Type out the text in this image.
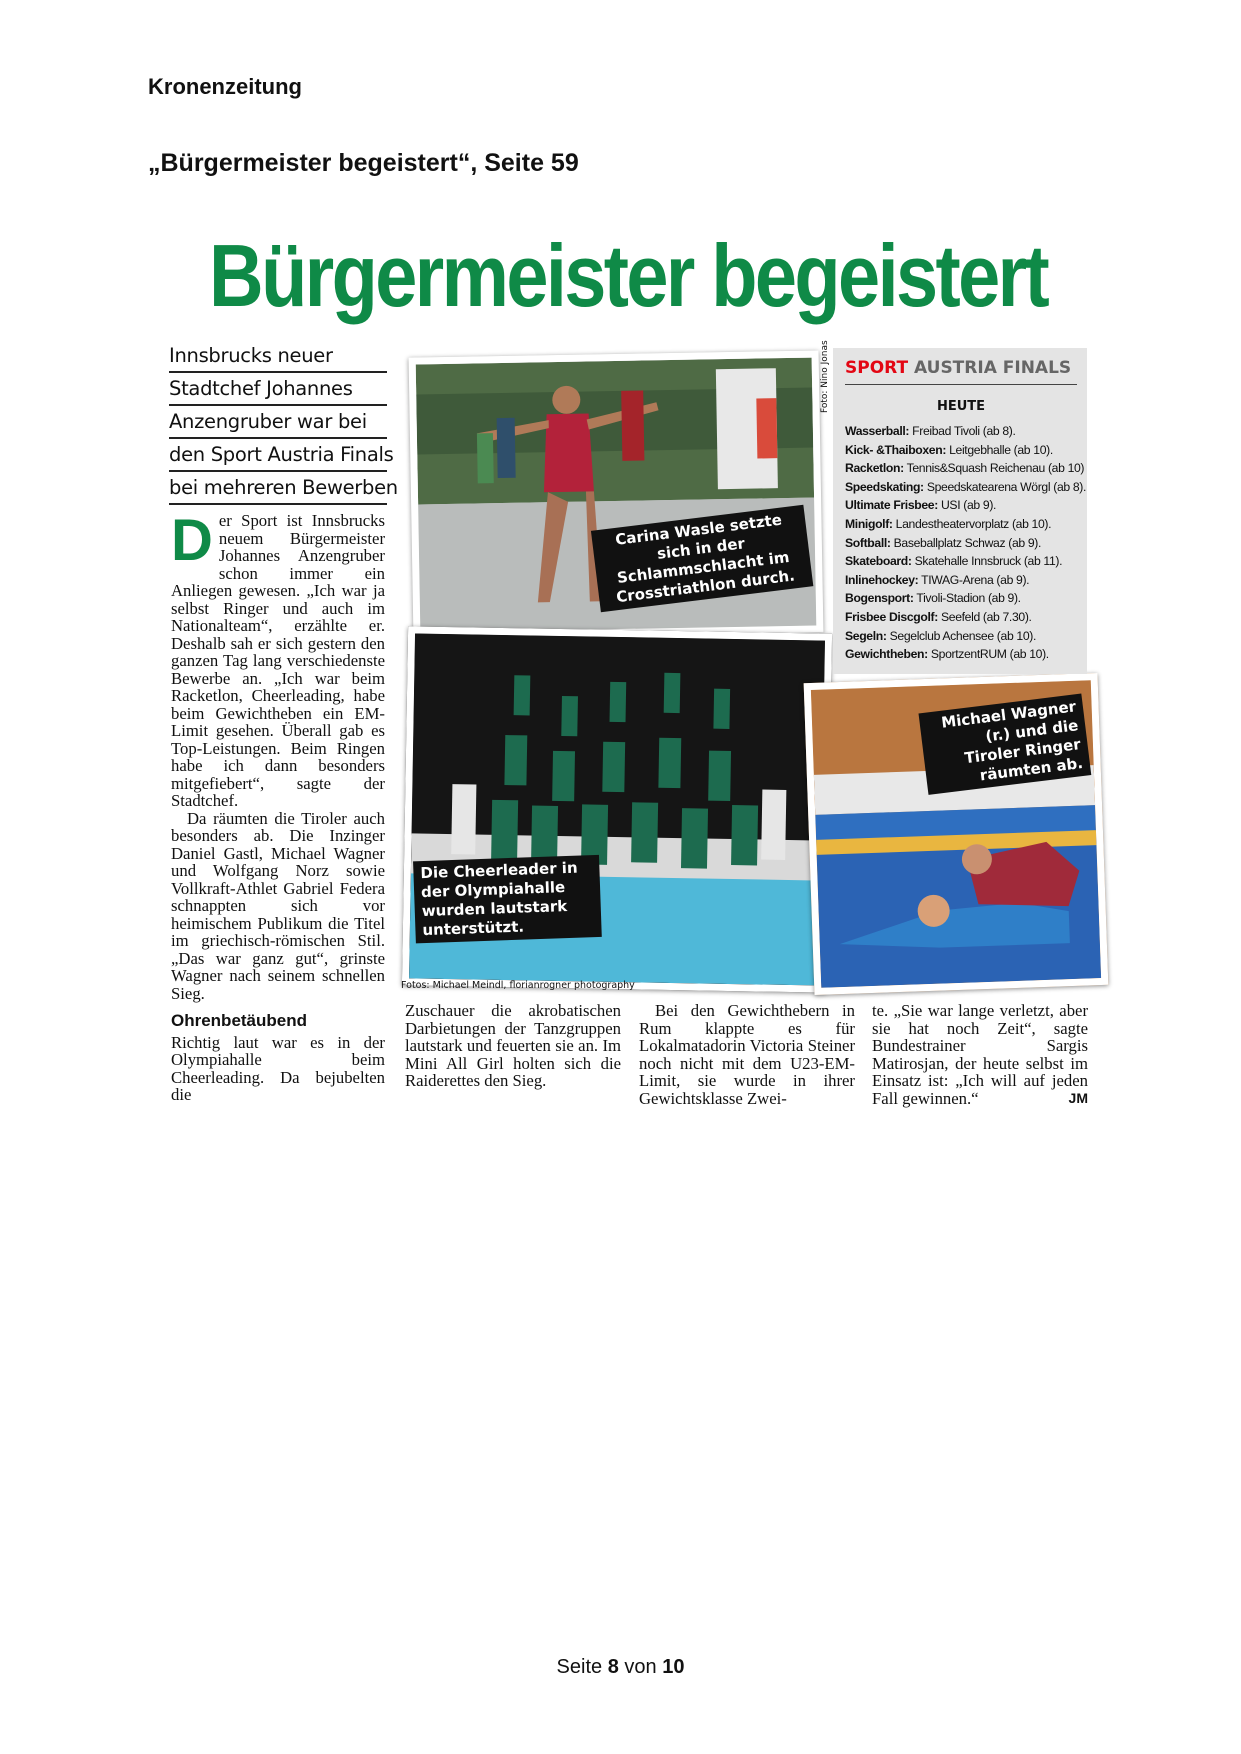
Kronenzeitung
„Bürgermeister begeistert“, Seite 59
Bürgermeister begeistert
Innsbrucks neuer
Stadtchef Johannes
Anzengruber war bei
den Sport Austria Finals
bei mehreren Bewerben

Der Sport ist Innsbrucks neuem Bürgermeister Johannes Anzengruber schon immer ein Anliegen gewesen. „Ich war ja selbst Ringer und auch im Nationalteam“, erzählte er. Deshalb sah er sich gestern den ganzen Tag lang verschiedenste Bewerbe an. „Ich war beim Racketlon, Cheerleading, habe beim Gewichtheben ein EM-Limit gesehen. Überall gab es Top-Leistungen. Beim Ringen habe ich dann besonders mitgefiebert“, sagte der Stadtchef.

Da räumten die Tiroler auch besonders ab. Die Inzinger Daniel Gastl, Michael Wagner und Wolfgang Norz sowie Vollkraft-Athlet Gabriel Federa schnappten sich vor heimischem Publikum die Titel im griechisch-römischen Stil. „Das war ganz gut“, grinste Wagner nach seinem schnellen Sieg.

Ohrenbetäubend

Richtig laut war es in der Olympiahalle beim Cheerleading. Da bejubelten die

Carina Wasle setzte sich in der Schlammschlacht im Crosstriathlon durch.
Foto: Nino Jonas
Die Cheerleader in der Olympiahalle wurden lautstark unterstützt.
Michael Wagner (r.) und die Tiroler Ringer räumten ab.
Fotos: Michael Meindl, florianrogner photography
SPORT AUSTRIA FINALS
HEUTE
Wasserball: Freibad Tivoli (ab 8).
Kick- &Thaiboxen: Leitgebhalle (ab 10).
Racketlon: Tennis&Squash Reichenau (ab 10)
Speedskating: Speedskatearena Wörgl (ab 8).
Ultimate Frisbee: USI (ab 9).
Minigolf: Landestheatervorplatz (ab 10).
Softball: Baseballplatz Schwaz (ab 9).
Skateboard: Skatehalle Innsbruck (ab 11).
Inlinehockey: TIWAG-Arena (ab 9).
Bogensport: Tivoli-Stadion (ab 9).
Frisbee Discgolf: Seefeld (ab 7.30).
Segeln: Segelclub Achensee (ab 10).
Gewichtheben: SportzentRUM (ab 10).

Zuschauer die akrobatischen Darbietungen der Tanzgruppen lautstark und feuerten sie an. Im Mini All Girl holten sich die Raiderettes den Sieg.

Bei den Gewichthebern in Rum klappte es für Lokalmatadorin Victoria Steiner noch nicht mit dem U23-EM-Limit, sie wurde in ihrer Gewichtsklasse Zwei-

te. „Sie war lange verletzt, aber sie hat noch Zeit“, sagte Bundestrainer Sargis Matirosjan, der heute selbst im Einsatz ist: „Ich will auf jeden Fall gewinnen.“	JM

Seite 8 von 10
